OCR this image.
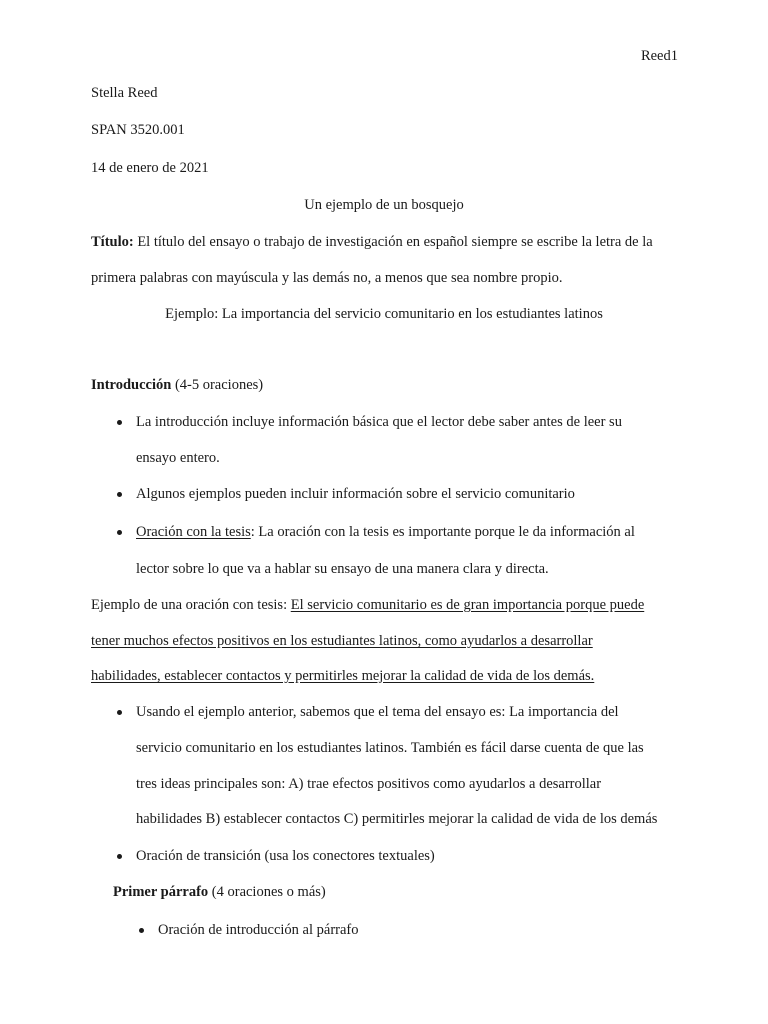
Reed1
Stella Reed
SPAN 3520.001
14 de enero de 2021
Un ejemplo de un bosquejo
Título: El título del ensayo o trabajo de investigación en español siempre se escribe la letra de la
primera palabras con mayúscula y las demás no, a menos que sea nombre propio.
Ejemplo: La importancia del servicio comunitario en los estudiantes latinos
Introducción (4-5 oraciones)
La introducción incluye información básica que el lector debe saber antes de leer su
ensayo entero.
Algunos ejemplos pueden incluir información sobre el servicio comunitario
Oración con la tesis: La oración con la tesis es importante porque le da información al
lector sobre lo que va a hablar su ensayo de una manera clara y directa.
Ejemplo de una oración con tesis: El servicio comunitario es de gran importancia porque puede
tener muchos efectos positivos en los estudiantes latinos, como ayudarlos a desarrollar
habilidades, establecer contactos y permitirles mejorar la calidad de vida de los demás.
Usando el ejemplo anterior, sabemos que el tema del ensayo es: La importancia del
servicio comunitario en los estudiantes latinos. También es fácil darse cuenta de que las
tres ideas principales son: A) trae efectos positivos como ayudarlos a desarrollar
habilidades B) establecer contactos C) permitirles mejorar la calidad de vida de los demás
Oración de transición (usa los conectores textuales)
Primer párrafo (4 oraciones o más)
Oración de introducción al párrafo
